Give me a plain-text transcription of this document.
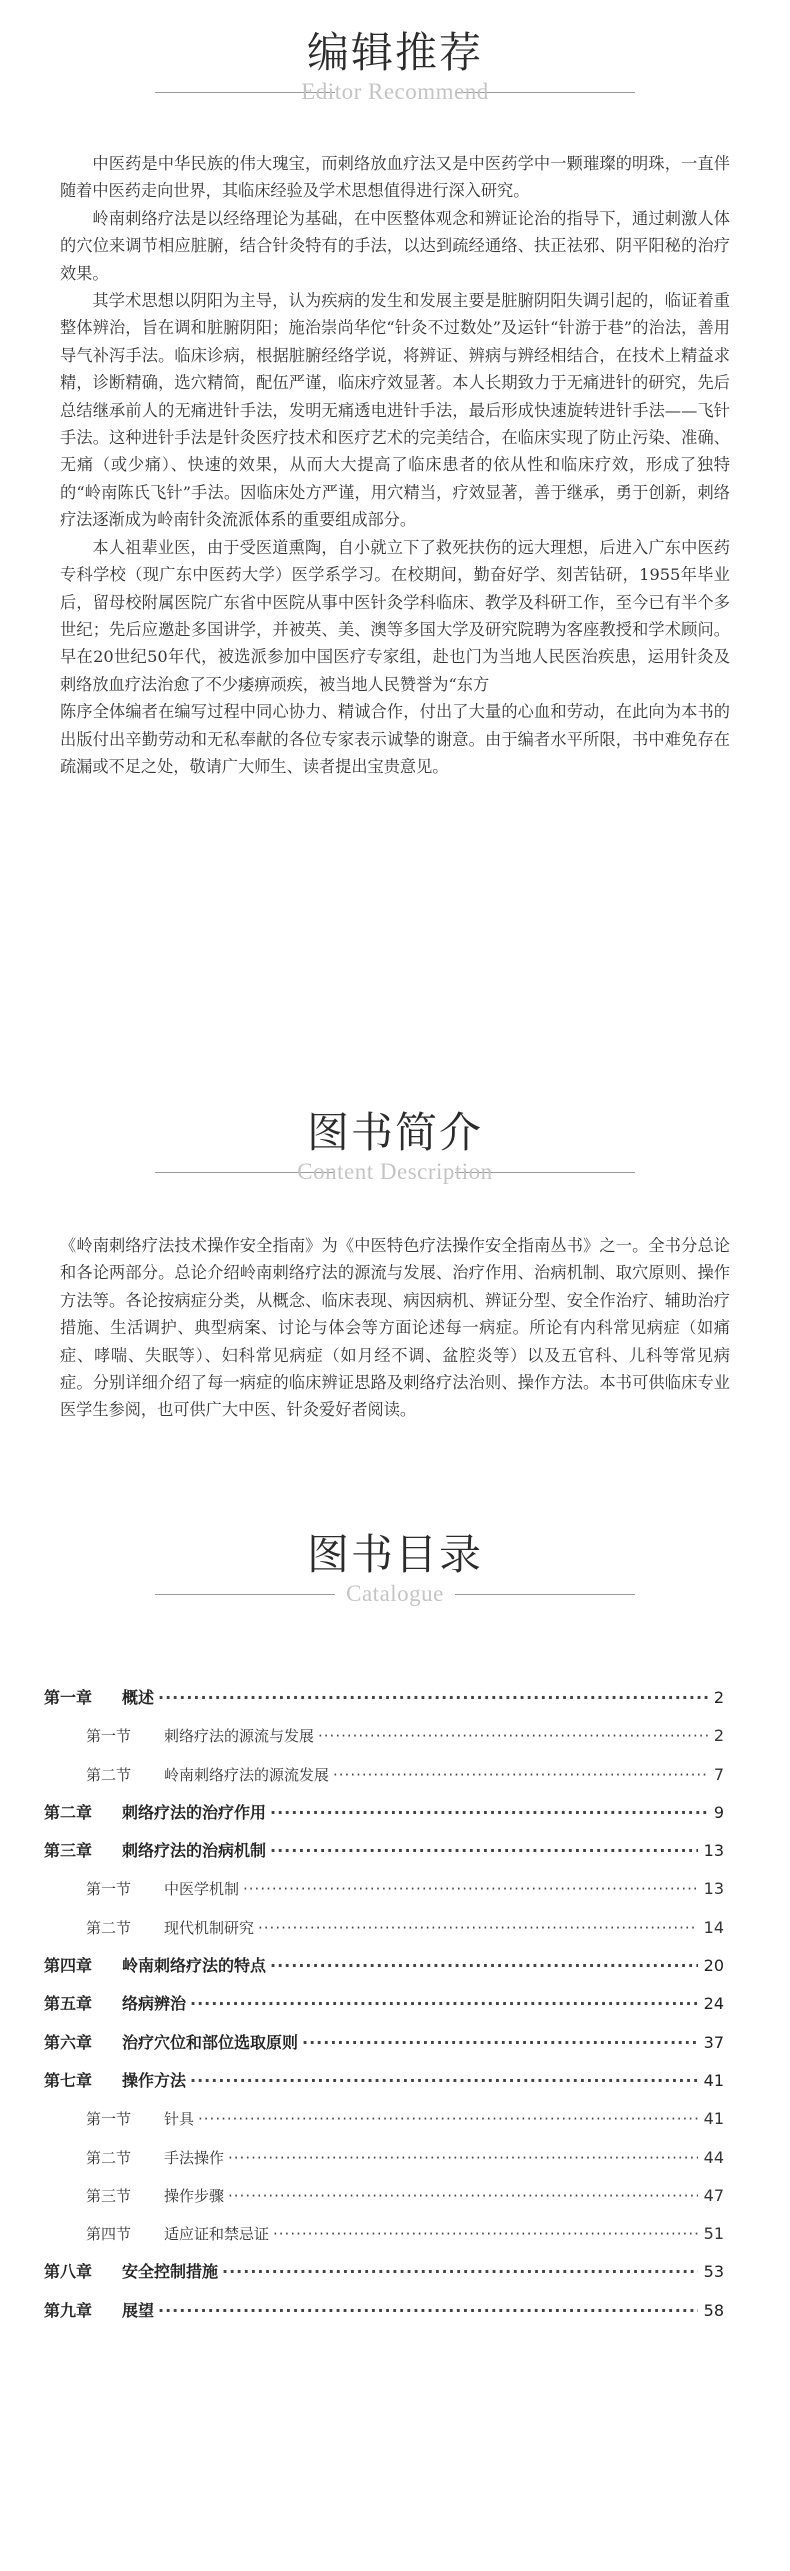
编辑推荐
Editor Recommend

中医药是中华民族的伟大瑰宝，而刺络放血疗法又是中医药学中一颗璀璨的明珠，一直伴随着中医药走向世界，其临床经验及学术思想值得进行深入研究。

岭南刺络疗法是以经络理论为基础，在中医整体观念和辨证论治的指导下，通过刺激人体的穴位来调节相应脏腑，结合针灸特有的手法，以达到疏经通络、扶正祛邪、阴平阳秘的治疗效果。

其学术思想以阴阳为主导，认为疾病的发生和发展主要是脏腑阴阳失调引起的，临证着重整体辨治，旨在调和脏腑阴阳；施治崇尚华佗“针灸不过数处”及运针“针游于巷”的治法，善用导气补泻手法。临床诊病，根据脏腑经络学说，将辨证、辨病与辨经相结合，在技术上精益求精，诊断精确，选穴精简，配伍严谨，临床疗效显著。本人长期致力于无痛进针的研究，先后总结继承前人的无痛进针手法，发明无痛透电进针手法，最后形成快速旋转进针手法——飞针手法。这种进针手法是针灸医疗技术和医疗艺术的完美结合，在临床实现了防止污染、准确、无痛（或少痛）、快速的效果，从而大大提高了临床患者的依从性和临床疗效，形成了独特的“岭南陈氏飞针”手法。因临床处方严谨，用穴精当，疗效显著，善于继承，勇于创新，刺络疗法逐渐成为岭南针灸流派体系的重要组成部分。

本人祖辈业医，由于受医道熏陶，自小就立下了救死扶伤的远大理想，后进入广东中医药专科学校（现广东中医药大学）医学系学习。在校期间，勤奋好学、刻苦钻研，1955年毕业后，留母校附属医院广东省中医院从事中医针灸学科临床、教学及科研工作，至今已有半个多世纪；先后应邀赴多国讲学，并被英、美、澳等多国大学及研究院聘为客座教授和学术顾问。早在20世纪50年代，被选派参加中国医疗专家组，赴也门为当地人民医治疾患，运用针灸及刺络放血疗法治愈了不少痿痹顽疾，被当地人民赞誉为“东方

陈序全体编者在编写过程中同心协力、精诚合作，付出了大量的心血和劳动，在此向为本书的出版付出辛勤劳动和无私奉献的各位专家表示诚挚的谢意。由于编者水平所限，书中难免存在疏漏或不足之处，敬请广大师生、读者提出宝贵意见。

图书简介
Content Description

《岭南刺络疗法技术操作安全指南》为《中医特色疗法操作安全指南丛书》之一。全书分总论和各论两部分。总论介绍岭南刺络疗法的源流与发展、治疗作用、治病机制、取穴原则、操作方法等。各论按病症分类，从概念、临床表现、病因病机、辨证分型、安全作治疗、辅助治疗措施、生活调护、典型病案、讨论与体会等方面论述每一病症。所论有内科常见病症（如痛症、哮喘、失眠等）、妇科常见病症（如月经不调、盆腔炎等）以及五官科、儿科等常见病症。分别详细介绍了每一病症的临床辨证思路及刺络疗法治则、操作方法。本书可供临床专业医学生参阅，也可供广大中医、针灸爱好者阅读。

图书目录
Catalogue
第一章	概述 ·····	2
第一节	刺络疗法的源流与发展 ·····	2
第二节	岭南刺络疗法的源流发展 ·····	7
第二章	刺络疗法的治疗作用 ·····	9
第三章	刺络疗法的治病机制 ·····	13
第一节	中医学机制 ·····	13
第二节	现代机制研究 ·····	14
第四章	岭南刺络疗法的特点 ·····	20
第五章	络病辨治 ·····	24
第六章	治疗穴位和部位选取原则 ·····	37
第七章	操作方法 ·····	41
第一节	针具 ·····	41
第二节	手法操作 ·····	44
第三节	操作步骤 ·····	47
第四节	适应证和禁忌证 ·····	51
第八章	安全控制措施 ·····	53
第九章	展望 ·····	58
